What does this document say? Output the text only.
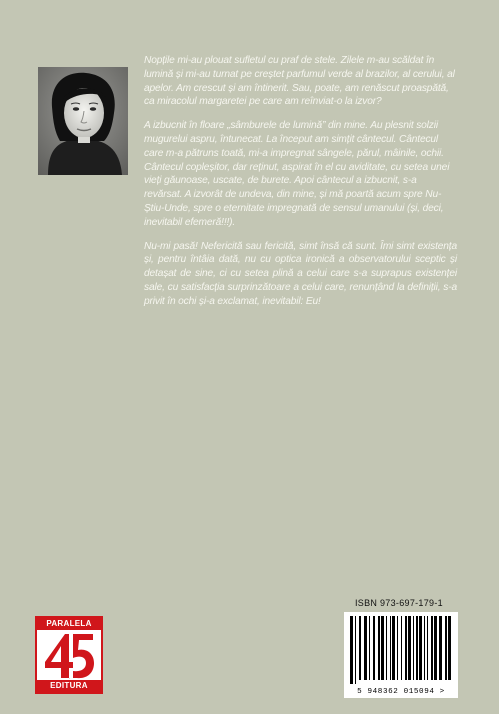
Nopțile mi-au plouat sufletul cu praf de stele. Zilele m-au scăldat în lumină și mi-au turnat pe creștet parfumul verde al brazilor, al cerului, al apelor. Am crescut și am întinerit. Sau, poate, am renăscut proaspătă, ca miracolul margaretei pe care am reînviat-o la izvor?

A izbucnit în floare „sâmburele de lumină” din mine. Au plesnit solzii mugurelui aspru, întunecat. La început am simțit cântecul. Cântecul care m-a pătruns toată, mi-a impregnat sângele, părul, mâinile, ochii. Cântecul copleșitor, dar reținut, aspirat în el cu aviditate, cu setea unei vieți găunoase, uscate, de burete. Apoi cântecul a izbucnit, s-a revărsat. A izvorât de undeva, din mine, și mă poartă acum spre Nu-Știu-Unde, spre o eternitate impregnată de sensul umanului (și, deci, inevitabil efemeră!!!).

Nu-mi pasă! Nefericită sau fericită, simt însă că sunt. Îmi simt existența și, pentru întâia dată, nu cu optica ironică a observatorului sceptic și detașat de sine, ci cu setea plină a celui care s-a suprapus existenței sale, cu satisfacția surprinzătoare a celui care, renunțând la definiții, s-a privit în ochi și-a exclamat, inevitabil: Eu!

ISBN 973-697-179-1
5 948362 015094 >
PARALELA
EDITURA
